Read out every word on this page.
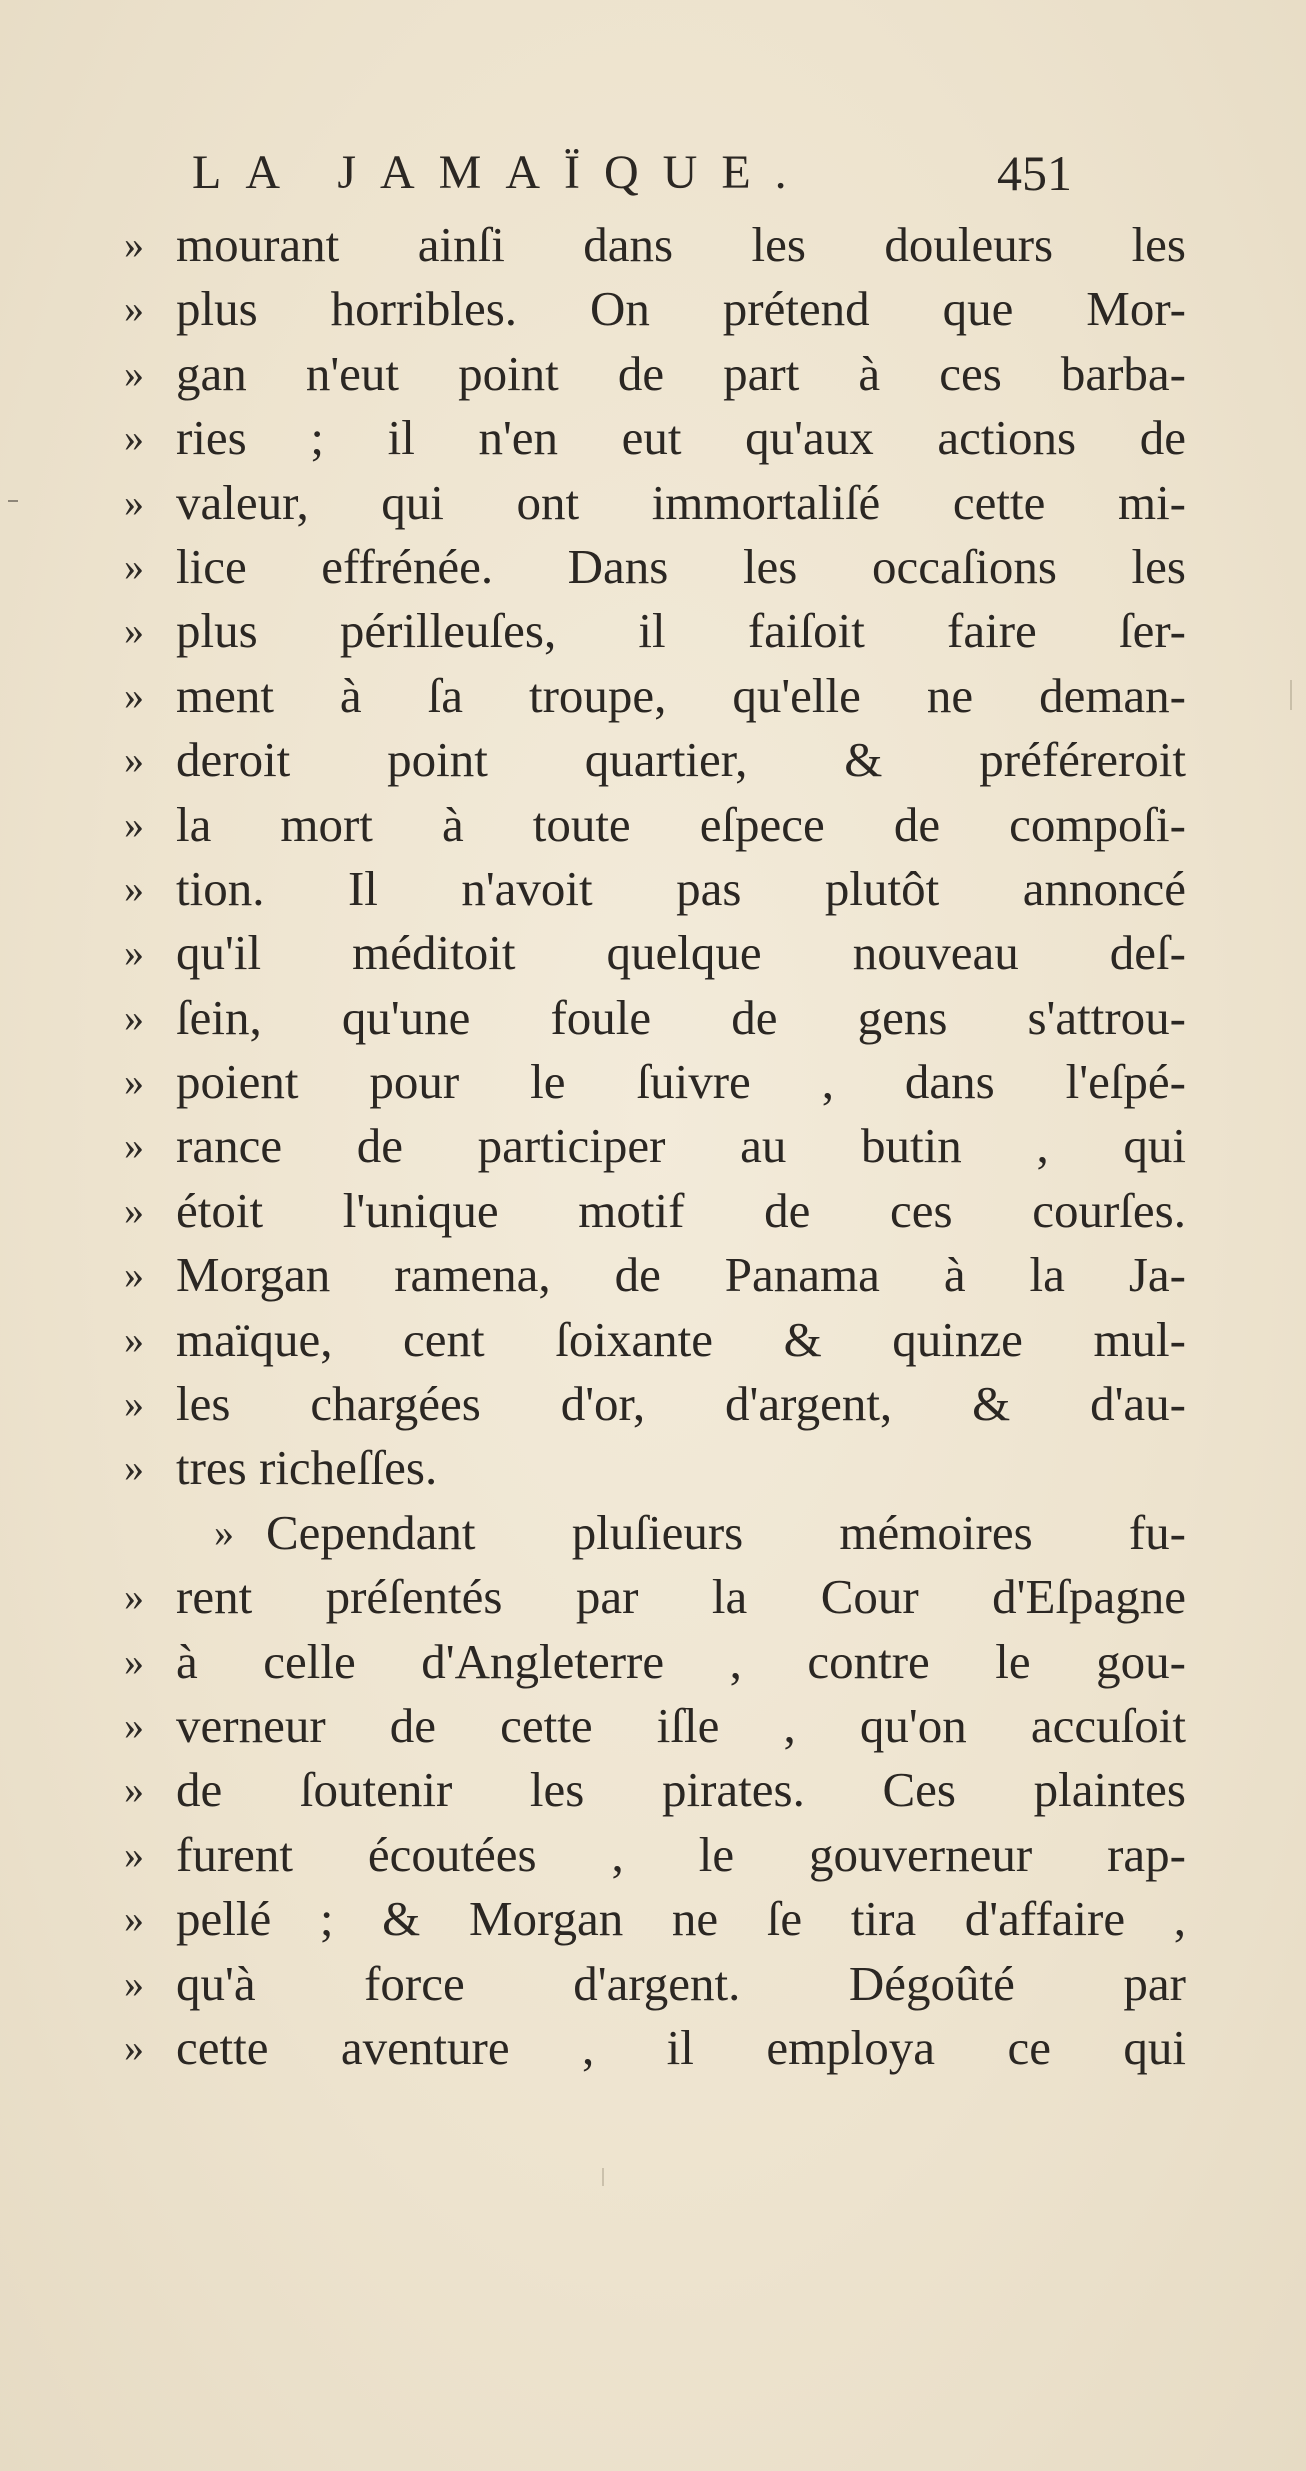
LA JAMAÏQUE.	451
» mourant ainſi dans les douleurs les
» plus horribles. On prétend que Mor-
» gan n'eut point de part à ces barba-
» ries ; il n'en eut qu'aux actions de
» valeur, qui ont immortaliſé cette mi-
» lice effrénée. Dans les occaſions les
» plus périlleuſes, il faiſoit faire ſer-
» ment à ſa troupe, qu'elle ne deman-
» deroit point quartier, & préféreroit
» la mort à toute eſpece de compoſi-
» tion. Il n'avoit pas plutôt annoncé
» qu'il méditoit quelque nouveau deſ-
» ſein, qu'une foule de gens s'attrou-
» poient pour le ſuivre , dans l'eſpé-
» rance de participer au butin , qui
» étoit l'unique motif de ces courſes.
» Morgan ramena, de Panama à la Ja-
» maïque, cent ſoixante & quinze mul-
» les chargées d'or, d'argent, & d'au-
» tres richeſſes.
» Cependant pluſieurs mémoires fu-
» rent préſentés par la Cour d'Eſpagne
» à celle d'Angleterre , contre le gou-
» verneur de cette iſle , qu'on accuſoit
» de ſoutenir les pirates. Ces plaintes
» furent écoutées , le gouverneur rap-
» pellé ; & Morgan ne ſe tira d'affaire ,
» qu'à force d'argent. Dégoûté par
» cette aventure , il employa ce qui
